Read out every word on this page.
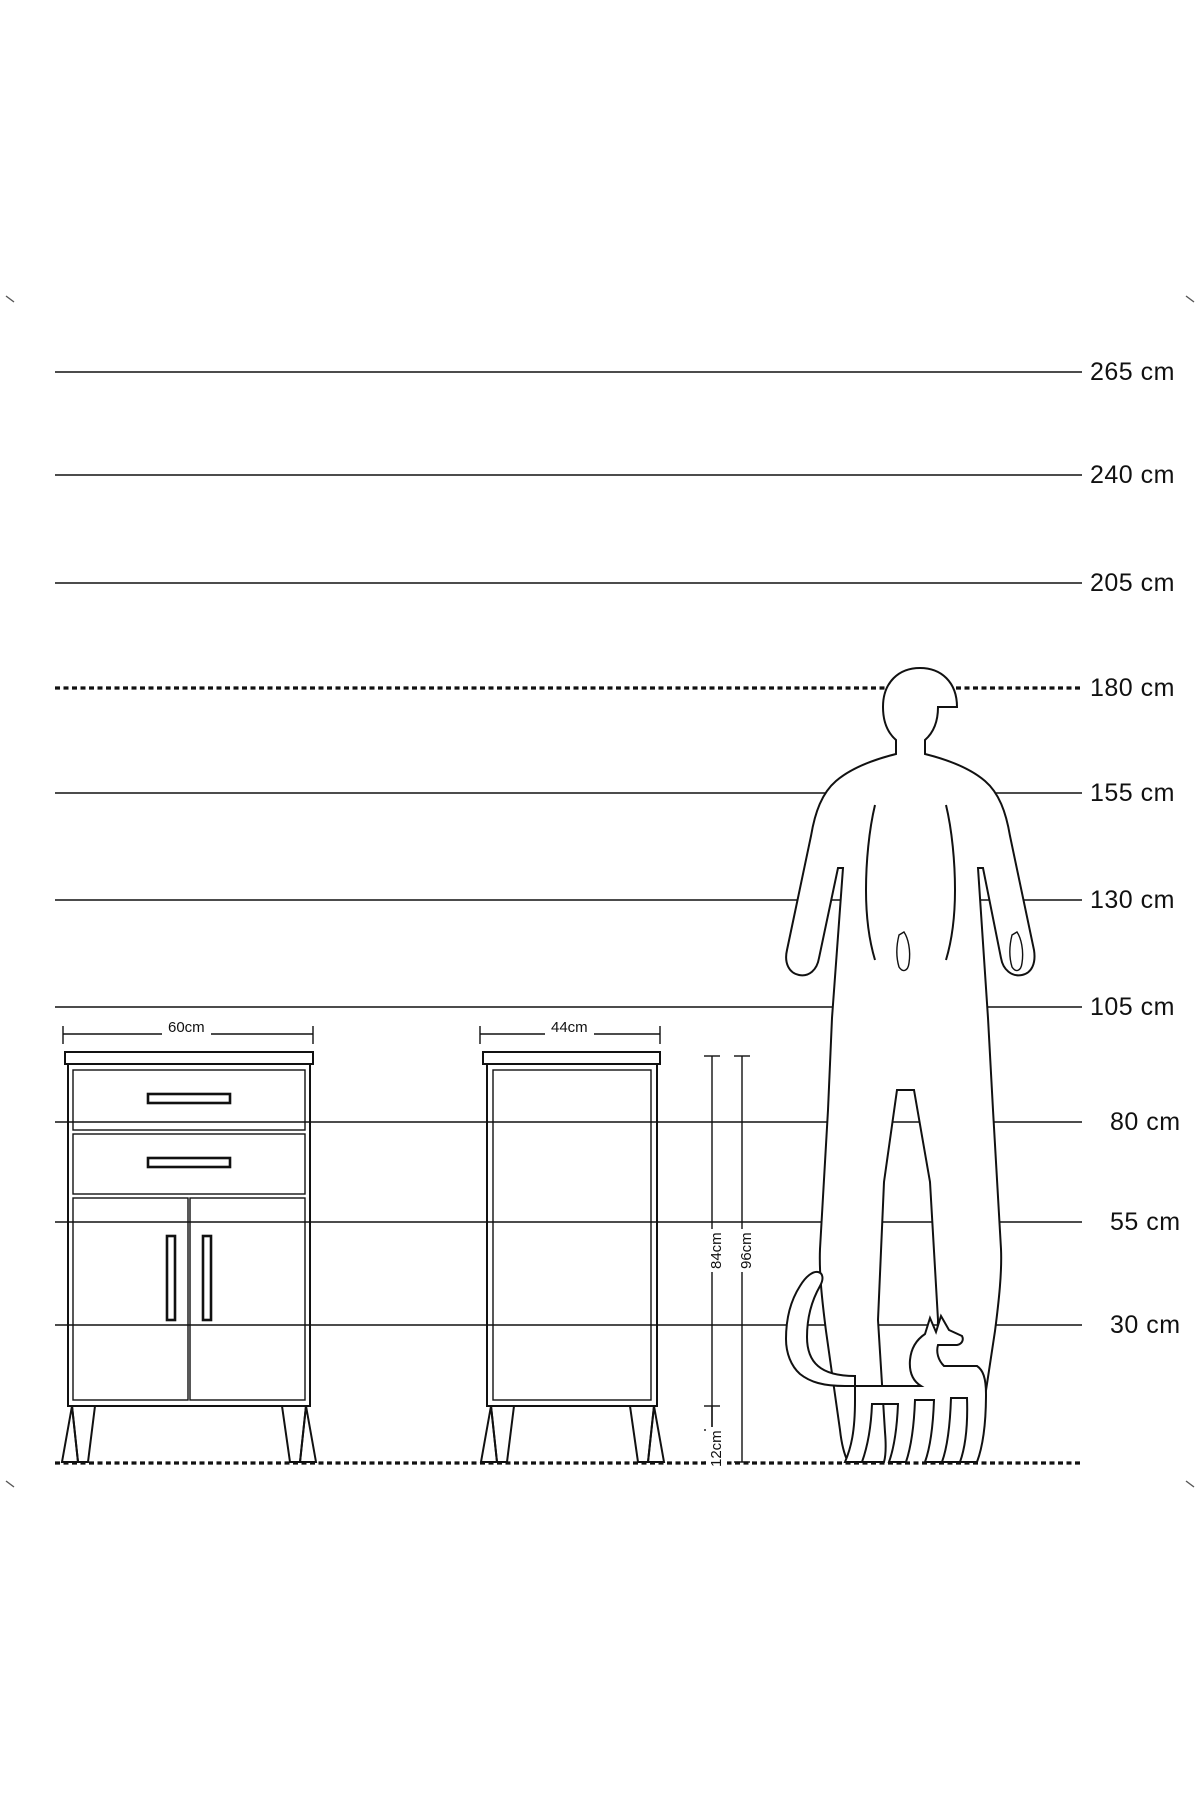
265 cm
240 cm
205 cm
180 cm
155 cm
130 cm
105 cm
80 cm
55 cm
30 cm
60cm	44cm
84cm 96cm
12cm
